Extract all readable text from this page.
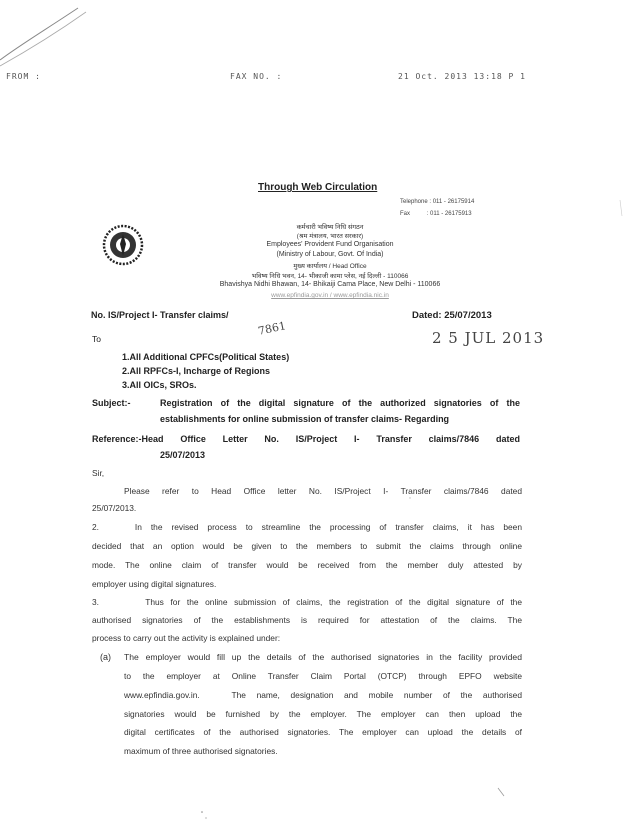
FROM :	FAX NO. :	21 Oct. 2013 13:18 P 1
Through Web Circulation
Telephone : 011 - 26175914
Fax          : 011 - 26175913
कर्मचारी भविष्य निधि संगठन
(श्रम मंत्रालय, भारत सरकार)
Employees' Provident Fund Organisation
(Ministry of Labour, Govt. Of India)
मुख्य कार्यालय / Head Office
भविष्य निधि भवन, 14- भीकाजी कामा प्लेस, नई दिल्ली - 110066
Bhavishya Nidhi Bhawan, 14- Bhikaiji Cama Place, New Delhi - 110066
www.epfindia.gov.in / www.epfindia.nic.in
No. IS/Project I- Transfer claims/
7861
Dated: 25/07/2013
2 5 JUL 2013
To
1.All Additional CPFCs(Political States)
2.All RPFCs-I, Incharge of Regions
3.All OICs, SROs.
Subject:-	Registration of the digital signature of the authorized signatories of the
establishments for online submission of transfer claims- Regarding
Reference:-Head Office Letter No. IS/Project I- Transfer claims/7846 dated
25/07/2013
Sir,
Please refer to Head Office letter No. IS/Project I- Transfer claims/7846 dated
25/07/2013.
2.    In the revised process to streamline the processing of transfer claims, it has been
decided that an option would be given to the members to submit the claims through online
mode. The online claim of transfer would be received from the member duly attested by
employer using digital signatures.
3.       Thus for the online submission of claims, the registration of the digital signature of the
authorised signatories of the establishments is required for attestation of the claims. The
process to carry out the activity is explained under:
(a) The employer would fill up the details of the authorised signatories in the facility provided
to the employer at Online Transfer Claim Portal (OTCP) through EPFO website
www.epfindia.gov.in.   The name, designation and mobile number of the authorised
signatories would be furnished by the employer. The employer can then upload the
digital certificates of the authorised signatories. The employer can upload the details of
maximum of three authorised signatories.
